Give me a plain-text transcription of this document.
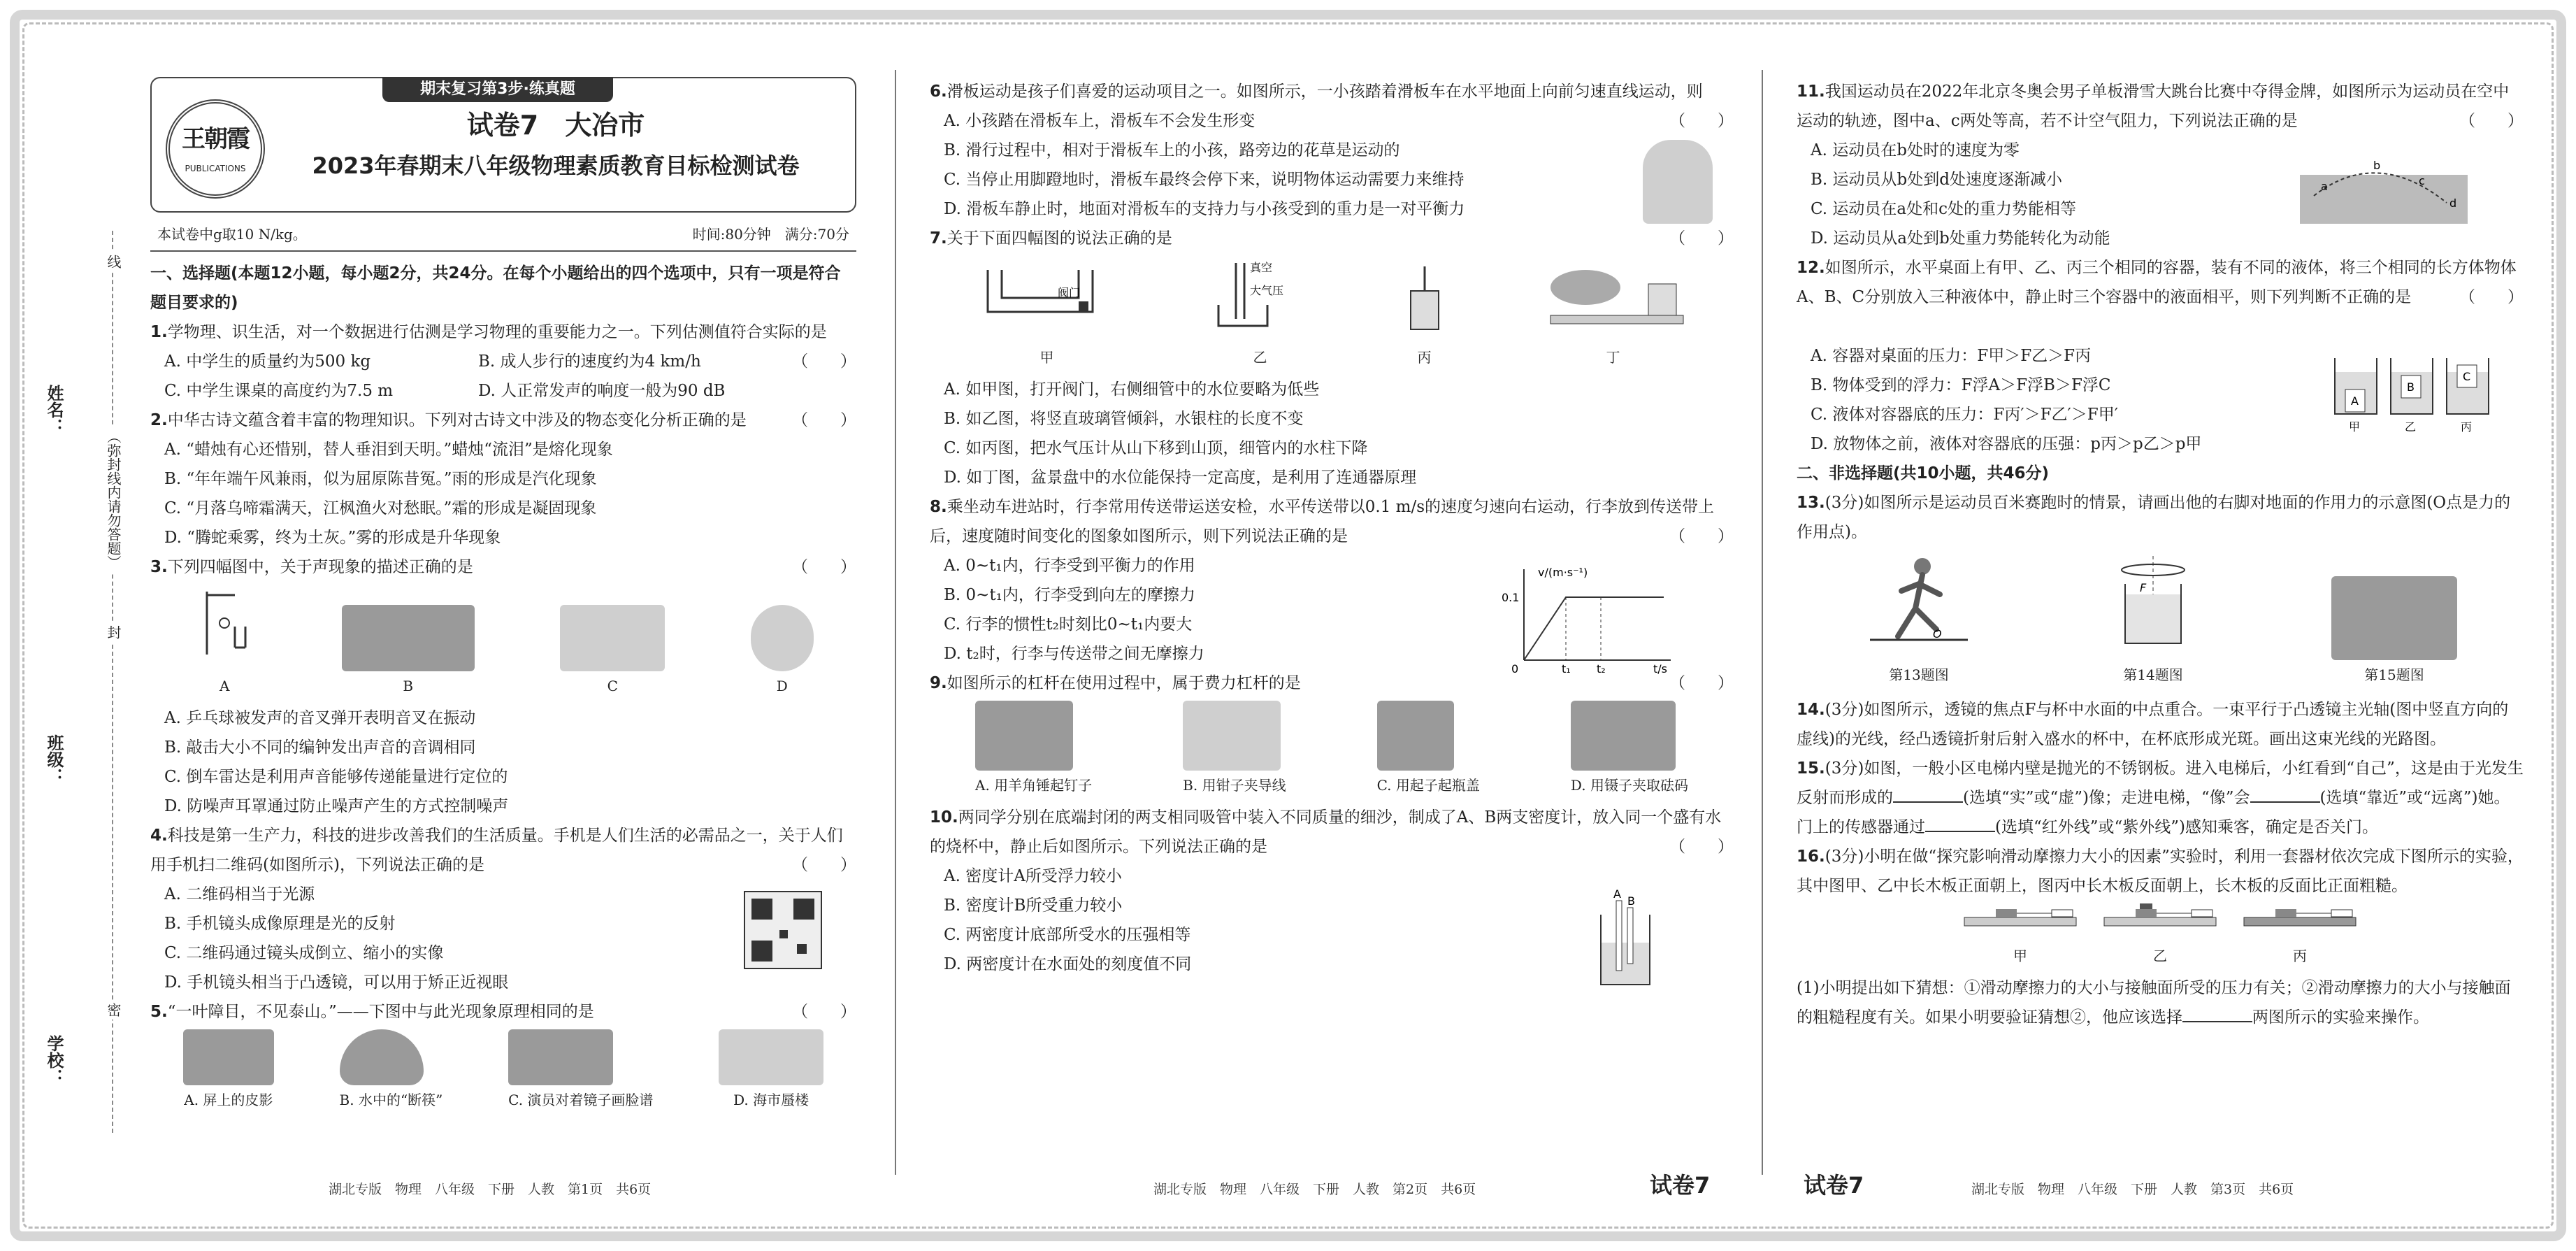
姓名：
班级：
学校：
线
（弥封线内请勿答题）
封
密
期末复习第3步·练真题
王朝霞
PUBLICATIONS
试卷7　大冶市
2023年春期末八年级物理素质教育目标检测试卷
本试卷中g取10 N/kg。	时间:80分钟　满分:70分
一、选择题(本题12小题，每小题2分，共24分。在每个小题给出的四个选项中，只有一项是符合题目要求的)
1.学物理、识生活，对一个数据进行估测是学习物理的重要能力之一。下列估测值符合实际的是
（　　）
A. 中学生的质量约为500 kg	B. 成人步行的速度约为4 km/h
C. 中学生课桌的高度约为7.5 m	D. 人正常发声的响度一般为90 dB
2.中华古诗文蕴含着丰富的物理知识。下列对古诗文中涉及的物态变化分析正确的是	（　　）
A. “蜡烛有心还惜别，替人垂泪到天明。”蜡烛“流泪”是熔化现象
B. “年年端午风兼雨，似为屈原陈昔冤。”雨的形成是汽化现象
C. “月落乌啼霜满天，江枫渔火对愁眠。”霜的形成是凝固现象
D. “腾蛇乘雾，终为土灰。”雾的形成是升华现象
3.下列四幅图中，关于声现象的描述正确的是	（　　）
A	B	C	D
A. 乒乓球被发声的音叉弹开表明音叉在振动
B. 敲击大小不同的编钟发出声音的音调相同
C. 倒车雷达是利用声音能够传递能量进行定位的
D. 防噪声耳罩通过防止噪声产生的方式控制噪声
4.科技是第一生产力，科技的进步改善我们的生活质量。手机是人们生活的必需品之一，关于人们用手机扫二维码(如图所示)，下列说法正确的是	（　　）
A. 二维码相当于光源
B. 手机镜头成像原理是光的反射
C. 二维码通过镜头成倒立、缩小的实像
D. 手机镜头相当于凸透镜，可以用于矫正近视眼
5.“一叶障目，不见泰山。”——下图中与此光现象原理相同的是	（　　）
A. 屏上的皮影	B. 水中的“断筷”	C. 演员对着镜子画脸谱	D. 海市蜃楼
6.滑板运动是孩子们喜爱的运动项目之一。如图所示，一小孩踏着滑板车在水平地面上向前匀速直线运动，则
（　　）
A. 小孩踏在滑板车上，滑板车不会发生形变
B. 滑行过程中，相对于滑板车上的小孩，路旁边的花草是运动的
C. 当停止用脚蹬地时，滑板车最终会停下来，说明物体运动需要力来维持
D. 滑板车静止时，地面对滑板车的支持力与小孩受到的重力是一对平衡力
7.关于下面四幅图的说法正确的是	（　　）
阀门
甲
真空
大气压
乙	丙	丁
A. 如甲图，打开阀门，右侧细管中的水位要略为低些
B. 如乙图，将竖直玻璃管倾斜，水银柱的长度不变
C. 如丙图，把水气压计从山下移到山顶，细管内的水柱下降
D. 如丁图，盆景盘中的水位能保持一定高度，是利用了连通器原理
8.乘坐动车进站时，行李常用传送带运送安检，水平传送带以0.1 m/s的速度匀速向右运动，行李放到传送带上后，速度随时间变化的图象如图所示，则下列说法正确的是	（　　）
v/(m·s⁻¹)
0.1
0	t₁ t₂	t/s
A. 0~t₁内，行李受到平衡力的作用
B. 0~t₁内，行李受到向左的摩擦力
C. 行李的惯性t₂时刻比0~t₁内要大
D. t₂时，行李与传送带之间无摩擦力
9.如图所示的杠杆在使用过程中，属于费力杠杆的是	（　　）
A. 用羊角锤起钉子	B. 用钳子夹导线	C. 用起子起瓶盖	D. 用镊子夹取砝码
10.两同学分别在底端封闭的两支相同吸管中装入不同质量的细沙，制成了A、B两支密度计，放入同一个盛有水的烧杯中，静止后如图所示。下列说法正确的是	（　　）
A
B
A. 密度计A所受浮力较小
B. 密度计B所受重力较小
C. 两密度计底部所受水的压强相等
D. 两密度计在水面处的刻度值不同
11.我国运动员在2022年北京冬奥会男子单板滑雪大跳台比赛中夺得金牌，如图所示为运动员在空中运动的轨迹，图中a、c两处等高，若不计空气阻力，下列说法正确的是	（　　）
a
b
c
d
A. 运动员在b处时的速度为零
B. 运动员从b处到d处速度逐渐减小
C. 运动员在a处和c处的重力势能相等
D. 运动员从a处到b处重力势能转化为动能
12.如图所示，水平桌面上有甲、乙、丙三个相同的容器，装有不同的液体，将三个相同的长方体物体A、B、C分别放入三种液体中，静止时三个容器中的液面相平，则下列判断不正确的是	（　　）
A
B
C
甲	乙	丙
A. 容器对桌面的压力：F甲＞F乙＞F丙
B. 物体受到的浮力：F浮A＞F浮B＞F浮C
C. 液体对容器底的压力：F丙′＞F乙′＞F甲′
D. 放物体之前，液体对容器底的压强：p丙＞p乙＞p甲
二、非选择题(共10小题，共46分)
13.(3分)如图所示是运动员百米赛跑时的情景，请画出他的右脚对地面的作用力的示意图(O点是力的作用点)。
O
第13题图
F
第14题图	第15题图
14.(3分)如图所示，透镜的焦点F与杯中水面的中点重合。一束平行于凸透镜主光轴(图中竖直方向的虚线)的光线，经凸透镜折射后射入盛水的杯中，在杯底形成光斑。画出这束光线的光路图。
15.(3分)如图，一般小区电梯内壁是抛光的不锈钢板。进入电梯后，小红看到“自己”，这是由于光发生反射而形成的	(选填“实”或“虚”)像；走进电梯，“像”会	(选填“靠近”或“远离”)她。门上的传感器通过	(选填“红外线”或“紫外线”)感知乘客，确定是否关门。
16.(3分)小明在做“探究影响滑动摩擦力大小的因素”实验时，利用一套器材依次完成下图所示的实验，其中图甲、乙中长木板正面朝上，图丙中长木板反面朝上，长木板的反面比正面粗糙。
甲	乙	丙
(1)小明提出如下猜想：①滑动摩擦力的大小与接触面所受的压力有关；②滑动摩擦力的大小与接触面的粗糙程度有关。如果小明要验证猜想②，他应该选择	两图所示的实验来操作。
湖北专版　物理　八年级　下册　人教　第1页　共6页	湖北专版　物理　八年级　下册　人教　第2页　共6页	试卷7	试卷7	湖北专版　物理　八年级　下册　人教　第3页　共6页
